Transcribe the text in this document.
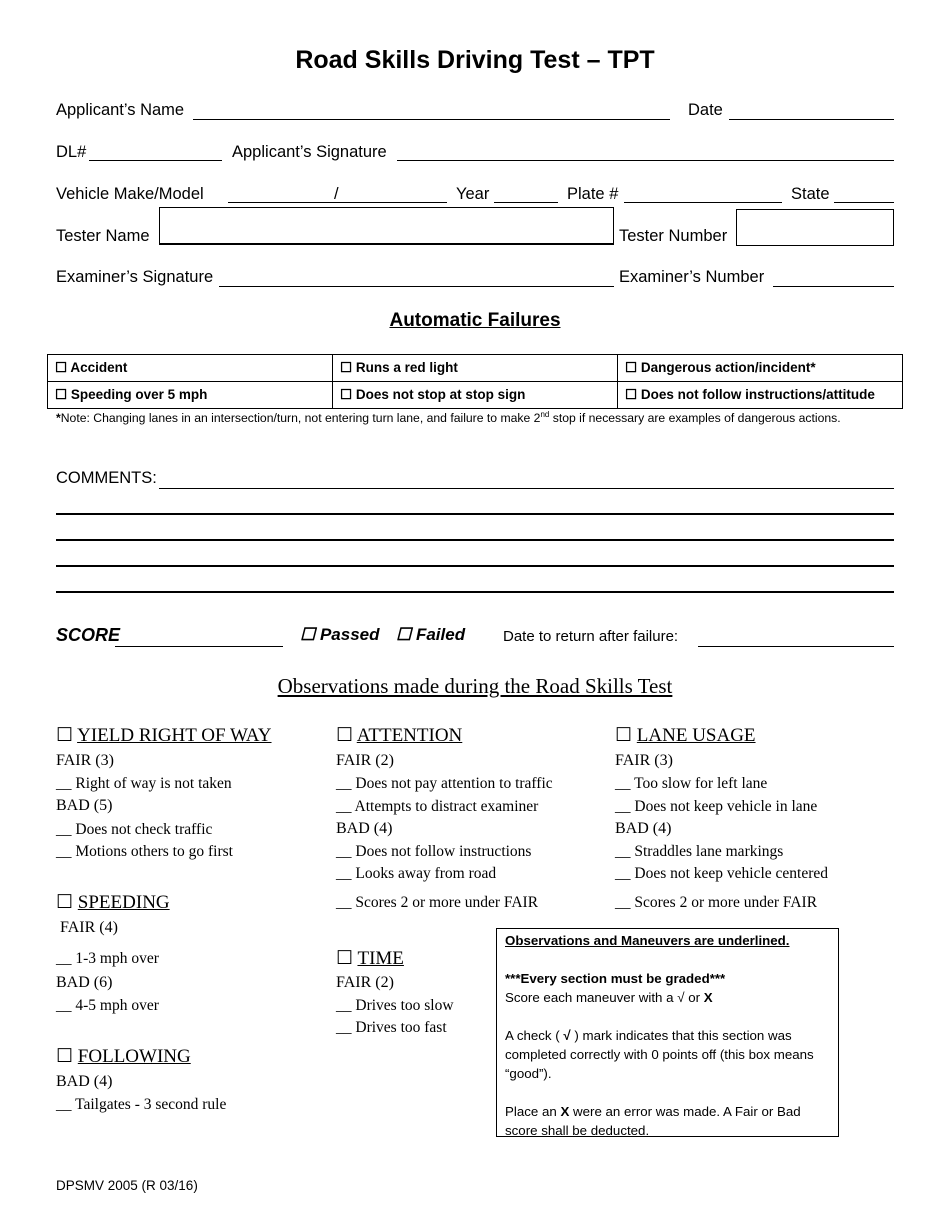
Road Skills Driving Test – TPT
Applicant’s Name	Date
DL#	Applicant’s Signature
Vehicle Make/Model	/	Year	Plate #	State
Tester Name	Tester Number
Examiner’s Signature	Examiner’s Number
Automatic Failures
☐ Accident	☐ Runs a red light	☐ Dangerous action/incident*
☐ Speeding over 5 mph	☐ Does not stop at stop sign	☐ Does not follow instructions/attitude
*Note: Changing lanes in an intersection/turn, not entering turn lane, and failure to make 2nd stop if necessary are examples of dangerous actions.
COMMENTS:
SCORE	☐ Passed ☐ Failed	Date to return after failure:
Observations made during the Road Skills Test
☐ YIELD RIGHT OF WAY
FAIR (3)
__ Right of way is not taken
BAD (5)
__ Does not check traffic
__ Motions others to go first
☐ SPEEDING
FAIR (4)
__ 1-3 mph over
BAD (6)
__ 4-5 mph over
☐ FOLLOWING
BAD (4)
__ Tailgates - 3 second rule
☐ ATTENTION
FAIR (2)
__ Does not pay attention to traffic
__ Attempts to distract examiner
BAD (4)
__ Does not follow instructions
__ Looks away from road
__ Scores 2 or more under FAIR
☐ TIME
FAIR (2)
__ Drives too slow
__ Drives too fast
☐ LANE USAGE
FAIR (3)
__ Too slow for left lane
__ Does not keep vehicle in lane
BAD (4)
__ Straddles lane markings
__ Does not keep vehicle centered
__ Scores 2 or more under FAIR

Observations and Maneuvers are underlined.

***Every section must be graded***

Score each maneuver with a √ or X

A check ( √ ) mark indicates that this section was completed correctly with 0 points off (this box means “good”).

Place an X were an error was made. A Fair or Bad score shall be deducted.

DPSMV 2005 (R 03/16)
